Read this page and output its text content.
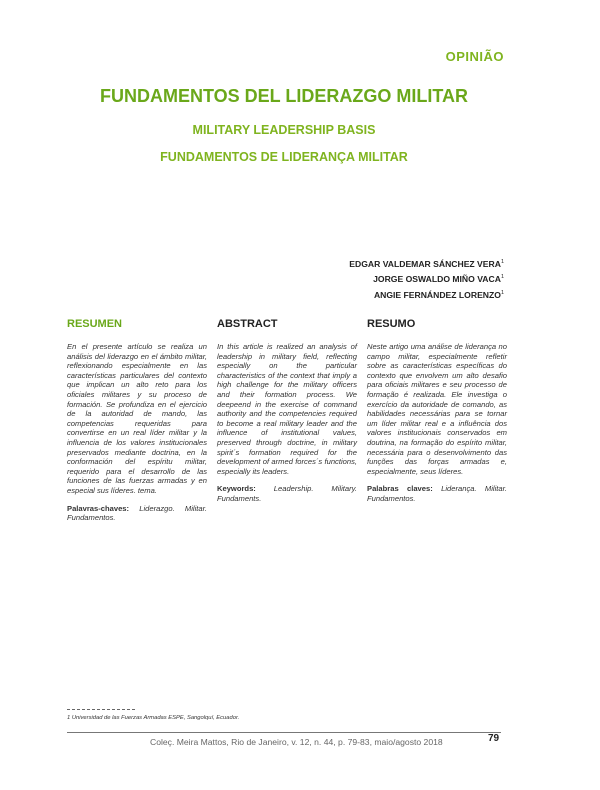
OPINIÃO
FUNDAMENTOS DEL LIDERAZGO MILITAR
MILITARY LEADERSHIP BASIS
FUNDAMENTOS DE LIDERANÇA MILITAR
EDGAR VALDEMAR SÁNCHEZ VERA$^1$
JORGE OSWALDO MIÑO VACA$^1$
ANGIE FERNÁNDEZ LORENZO$^1$
RESUMEN

En el presente artículo se realiza un análisis del liderazgo en el ámbito militar, reflexionando especialmente en las características particulares del contexto que implican un alto reto para los oficiales militares y su proceso de formación. Se profundiza en el ejercicio de la autoridad de mando, las competencias requeridas para convertirse en un real líder militar y la influencia de los valores institucionales preservados mediante doctrina, en la conformación del espíritu militar, requerido para el desarrollo de las funciones de las fuerzas armadas y en especial sus líderes. tema.

Palavras-chaves: Liderazgo. Militar. Fundamentos.

ABSTRACT

In this article is realized an analysis of leadership in military field, reflecting especially on the particular characteristics of the context that imply a high challenge for the military officers and their formation process. We deepeend in the exercise of command authority and the competencies required to become a real military leader and the influence of institutional values, preserved through doctrine, in military spirit´s formation required for the development of armed forces´s functions, especially its leaders.

Keywords: Leadership. Military. Fundaments.

RESUMO

Neste artigo uma análise de liderança no campo militar, especialmente refletir sobre as características específicas do contexto que envolvem um alto desafio para oficiais militares e seu processo de formação é realizada. Ele investiga o exercício da autoridade de comando, as habilidades necessárias para se tornar um líder militar real e a influência dos valores institucionais conservados em doutrina, na formação do espírito militar, necessária para o desenvolvimento das funções das forças armadas e, especialmente, seus líderes.

Palabras claves: Liderança. Militar. Fundamentos.

1 Universidad de las Fuerzas Armadas ESPE, Sangolquí, Ecuador.
Coleç. Meira Mattos, Rio de Janeiro, v. 12, n. 44, p. 79-83, maio/agosto 2018	79
